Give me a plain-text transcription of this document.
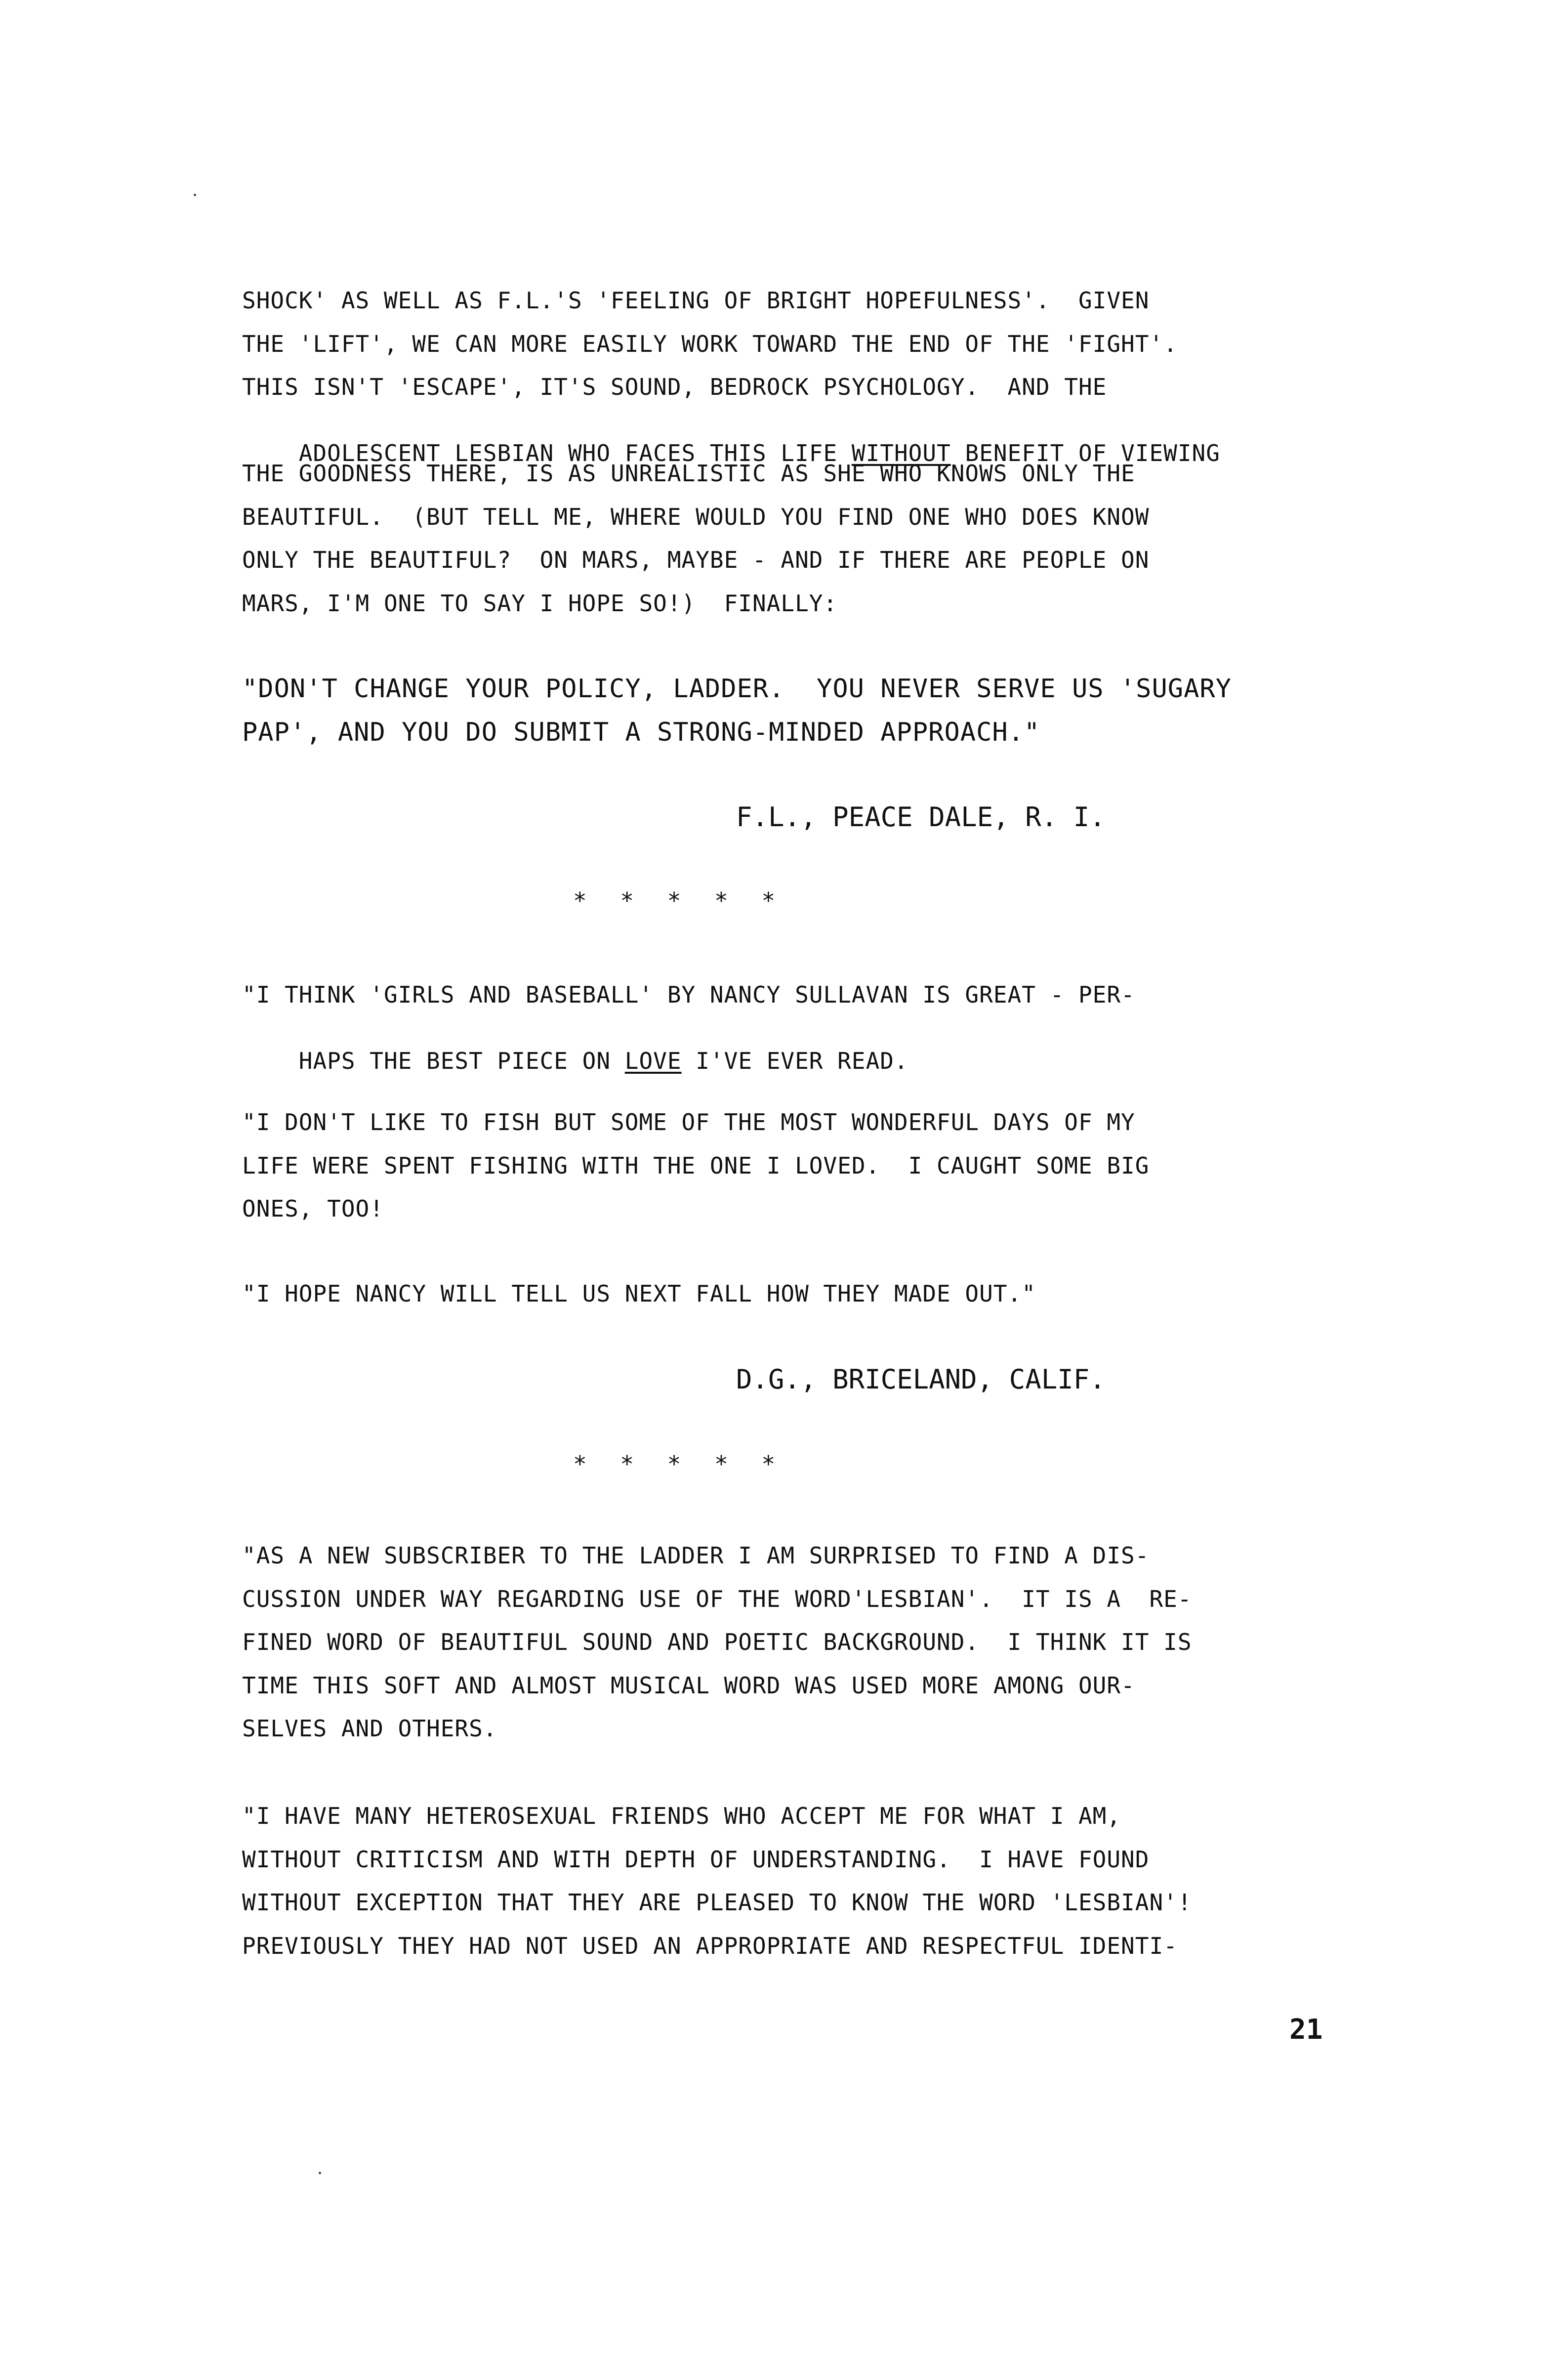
SHOCK' AS WELL AS F.L.'S 'FEELING OF BRIGHT HOPEFULNESS'.  GIVEN
THE 'LIFT', WE CAN MORE EASILY WORK TOWARD THE END OF THE 'FIGHT'.
THIS ISN'T 'ESCAPE', IT'S SOUND, BEDROCK PSYCHOLOGY.  AND THE

ADOLESCENT LESBIAN WHO FACES THIS LIFE WITHOUT BENEFIT OF VIEWING

THE GOODNESS THERE, IS AS UNREALISTIC AS SHE WHO KNOWS ONLY THE
BEAUTIFUL.  (BUT TELL ME, WHERE WOULD YOU FIND ONE WHO DOES KNOW
ONLY THE BEAUTIFUL?  ON MARS, MAYBE - AND IF THERE ARE PEOPLE ON
MARS, I'M ONE TO SAY I HOPE SO!)  FINALLY:
"DON'T CHANGE YOUR POLICY, LADDER.  YOU NEVER SERVE US 'SUGARY
PAP', AND YOU DO SUBMIT A STRONG-MINDED APPROACH."
F.L., PEACE DALE, R. I.
* * * * *
"I THINK 'GIRLS AND BASEBALL' BY NANCY SULLAVAN IS GREAT - PER-

HAPS THE BEST PIECE ON LOVE I'VE EVER READ.

"I DON'T LIKE TO FISH BUT SOME OF THE MOST WONDERFUL DAYS OF MY
LIFE WERE SPENT FISHING WITH THE ONE I LOVED.  I CAUGHT SOME BIG
ONES, TOO!
"I HOPE NANCY WILL TELL US NEXT FALL HOW THEY MADE OUT."
D.G., BRICELAND, CALIF.
* * * * *
"AS A NEW SUBSCRIBER TO THE LADDER I AM SURPRISED TO FIND A DIS-
CUSSION UNDER WAY REGARDING USE OF THE WORD'LESBIAN'.  IT IS A  RE-
FINED WORD OF BEAUTIFUL SOUND AND POETIC BACKGROUND.  I THINK IT IS
TIME THIS SOFT AND ALMOST MUSICAL WORD WAS USED MORE AMONG OUR-
SELVES AND OTHERS.
"I HAVE MANY HETEROSEXUAL FRIENDS WHO ACCEPT ME FOR WHAT I AM,
WITHOUT CRITICISM AND WITH DEPTH OF UNDERSTANDING.  I HAVE FOUND
WITHOUT EXCEPTION THAT THEY ARE PLEASED TO KNOW THE WORD 'LESBIAN'!
PREVIOUSLY THEY HAD NOT USED AN APPROPRIATE AND RESPECTFUL IDENTI-
21
